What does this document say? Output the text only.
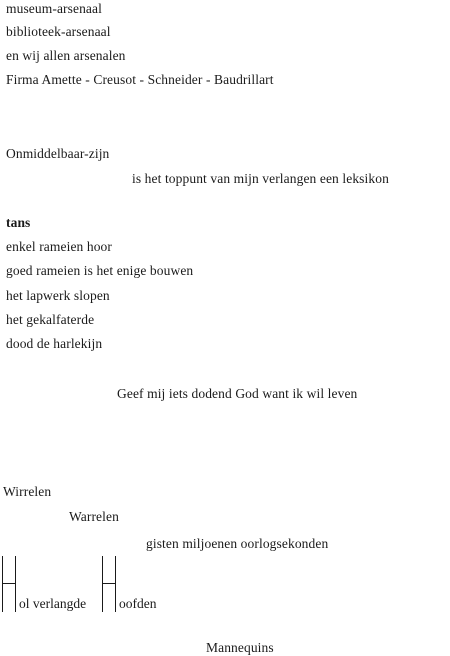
museum-arsenaal
biblioteek-arsenaal
en wij allen arsenalen
Firma Amette - Creusot - Schneider - Baudrillart
Onmiddelbaar-zijn
is het toppunt van mijn verlangen een leksikon
tans
enkel rameien hoor
goed rameien is het enige bouwen
het lapwerk slopen
het gekalfaterde
dood de harlekijn
Geef mij iets dodend God want ik wil leven
Wirrelen
Warrelen
gisten miljoenen oorlogsekonden
ol verlangde oofden
Mannequins
